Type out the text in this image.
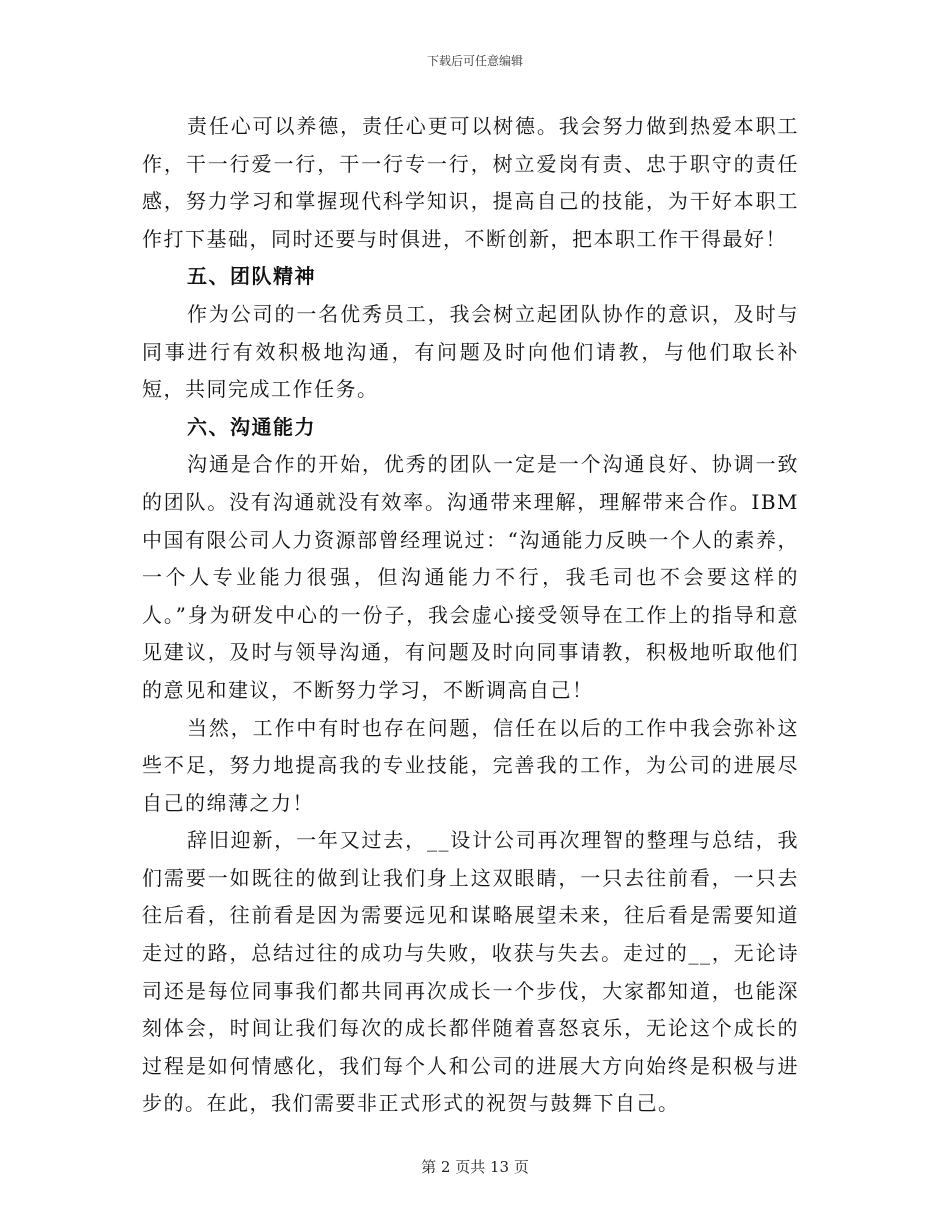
下载后可任意编辑

责任心可以养德，责任心更可以树德。我会努力做到热爱本职工作，干一行爱一行，干一行专一行，树立爱岗有责、忠于职守的责任感，努力学习和掌握现代科学知识，提高自己的技能，为干好本职工作打下基础，同时还要与时俱进，不断创新，把本职工作干得最好！

五、团队精神

作为公司的一名优秀员工，我会树立起团队协作的意识，及时与同事进行有效积极地沟通，有问题及时向他们请教，与他们取长补短，共同完成工作任务。

六、沟通能力

沟通是合作的开始，优秀的团队一定是一个沟通良好、协调一致的团队。没有沟通就没有效率。沟通带来理解，理解带来合作。IBM中国有限公司人力资源部曾经理说过：“沟通能力反映一个人的素养，一个人专业能力很强，但沟通能力不行，我毛司也不会要这样的人。”身为研发中心的一份子，我会虚心接受领导在工作上的指导和意见建议，及时与领导沟通，有问题及时向同事请教，积极地听取他们的意见和建议，不断努力学习，不断调高自己！

当然，工作中有时也存在问题，信任在以后的工作中我会弥补这些不足，努力地提高我的专业技能，完善我的工作，为公司的进展尽自己的绵薄之力！

辞旧迎新，一年又过去，__设计公司再次理智的整理与总结，我们需要一如既往的做到让我们身上这双眼睛，一只去往前看，一只去往后看，往前看是因为需要远见和谋略展望未来，往后看是需要知道走过的路，总结过往的成功与失败，收获与失去。走过的__，无论诗司还是每位同事我们都共同再次成长一个步伐，大家都知道，也能深刻体会，时间让我们每次的成长都伴随着喜怒哀乐，无论这个成长的过程是如何情感化，我们每个人和公司的进展大方向始终是积极与进步的。在此，我们需要非正式形式的祝贺与鼓舞下自己。

第 2 页共 13 页
